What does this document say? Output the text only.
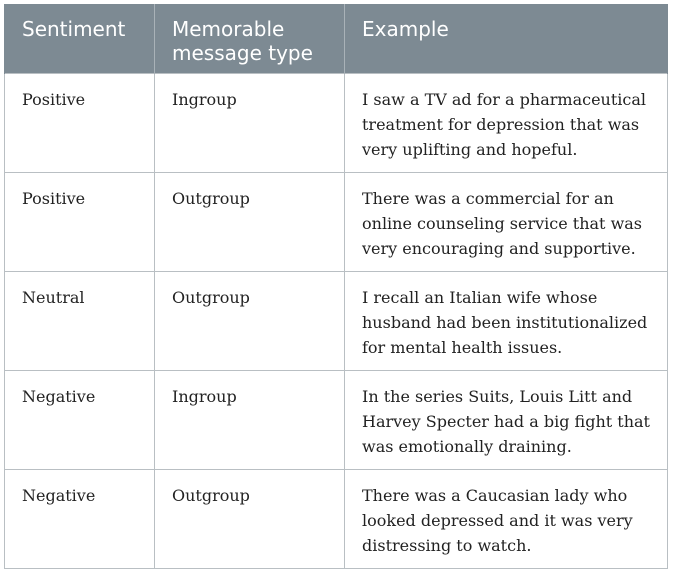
Sentiment	Memorable message type	Example
Positive	Ingroup	I saw a TV ad for a pharmaceutical treatment for depression that was very uplifting and hopeful.
Positive	Outgroup	There was a commercial for an online counseling service that was very encouraging and supportive.
Neutral	Outgroup	I recall an Italian wife whose husband had been institutionalized for mental health issues.
Negative	Ingroup	In the series Suits, Louis Litt and Harvey Specter had a big fight that was emotionally draining.
Negative	Outgroup	There was a Caucasian lady who looked depressed and it was very distressing to watch.
